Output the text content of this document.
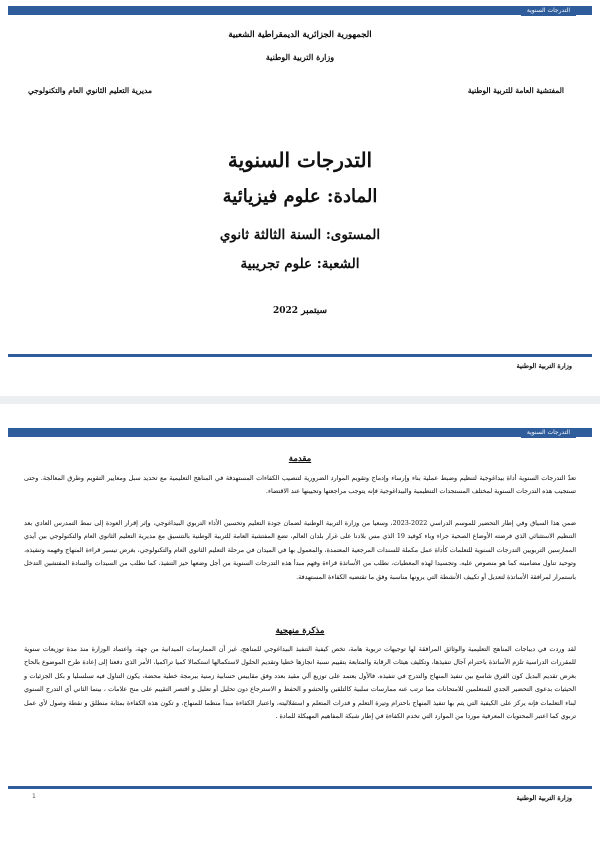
التدرجات السنوية
الجمهورية الجزائرية الديمقراطية الشعبية
وزارة التربية الوطنية
المفتشية العامة للتربية الوطنية
مديرية التعليم الثانوي العام والتكنولوجي
التدرجات السنوية
المادة: علوم فيزيائية
المستوى: السنة الثالثة ثانوي
الشعبة: علوم تجريبية
سبتمبر 2022
وزارة التربية الوطنية
التدرجات السنوية
مقدمة

تعدّ التدرجات السنوية أداة بيداغوجية لتنظيم وضبط عملية بناء وإرساء وإدماج وتقويم الموارد الضرورية لتنصيب الكفاءات المستهدفة في المناهج التعليمية مع تحديد سبل ومعايير التقويم وطرق المعالجة. وحتى تستجيب هذه التدرجات السنوية لمختلف المستجدات التنظيمية والبيداغوجية فإنه يتوجب مراجعتها وتحيينها عند الاقتضاء.

ضمن هذا السياق وفي إطار التحضير للموسم الدراسي 2022-2023، وسعيا من وزارة التربية الوطنية لضمان جودة التعليم وتحسين الأداء التربوي البيداغوجي، وإثر إقرار العودة إلى نمط التمدرس العادي بعد التنظيم الاستثنائي الذي فرضته الأوضاع الصحية جراء وباء كوفيد 19 الذي مس بلادنا على غرار بلدان العالم، تضع المفتشية العامة للتربية الوطنية بالتنسيق مع مديرية التعليم الثانوي العام والتكنولوجي بين أيدي الممارسين التربويين التدرجات السنوية للتعلمات كأداة عمل مكملة للسندات المرجعية المعتمدة، والمعمول بها في الميدان في مرحلة التعليم الثانوي العام والتكنولوجي، بغرض تيسير قراءة المنهاج وفهمه وتنفيذه، وتوحيد تناول مضامينه كما هو منصوص عليه. وتجسيدا لهذه المعطيات، نطلب من الأساتذة قراءة وفهم مبدأ هذه التدرجات السنوية من أجل وضعها حيز التنفيذ، كما نطلب من السيدات والسادة المفتشين التدخل باستمرار لمرافقة الأساتذة لتعديل أو تكييف الأنشطة التي يرونها مناسبة وفق ما تقتضيه الكفاءة المستهدفة.

مذكرة منهجية

لقد وردت في ديباجات المناهج التعليمية والوثائق المرافقة لها توجيهات تربوية هامة، تخص كيفية التنفيذ البيداغوجي للمناهج، غير أن الممارسات الميدانية من جهة، واعتماد الوزارة منذ مدة توزيعات سنوية للمقررات الدراسية تلزم الأساتذة باحترام آجال تنفيذها، وتكليف هيئات الرقابة والمتابعة بتقييم نسبة انجازها خطيا وتقديم الحلول لاستكمالها استكمالا كميا تراكميا، الأمر الذي دفعنا إلى إعادة طرح الموضوع بالحاح بغرض تقديم البديل كون الفرق شاسع بين تنفيذ المنهاج والتدرج في تنفيذه. فالأول يعتمد على توزيع آلي مقيد بعدد وفق مقاييس حسابية زمنية ببرمجة خطية محضة، يكون التناول فيه تسلسليا و بكل الجزئيات و الحيثيات بدعوى التحضير الجدي للمتعلمين للامتحانات مما ترتب عنه ممارسات سلبية كالتلقين والحشو و الحفظ و الاسترجاع دون تحليل أو تعليل و اقتصر التقييم على منح علامات ، بينما الثاني أي التدرج السنوي لبناء التعلمات فإنه يركز على الكيفية التي يتم بها تنفيذ المنهاج باحترام وتيرة التعلم و قدرات المتعلم و استقلاليته، واعتبار الكفاءة مبدأ منظما للمنهاج، و تكون هذه الكفاءة بمثابة منطلق و نقطة وصول لأي عمل تربوي كما اعتبر المحتويات المعرفية موردا من الموارد التي تخدم الكفاءة في إطار شبكة المفاهيم المهيكلة للمادة .

وزارة التربية الوطنية
1
